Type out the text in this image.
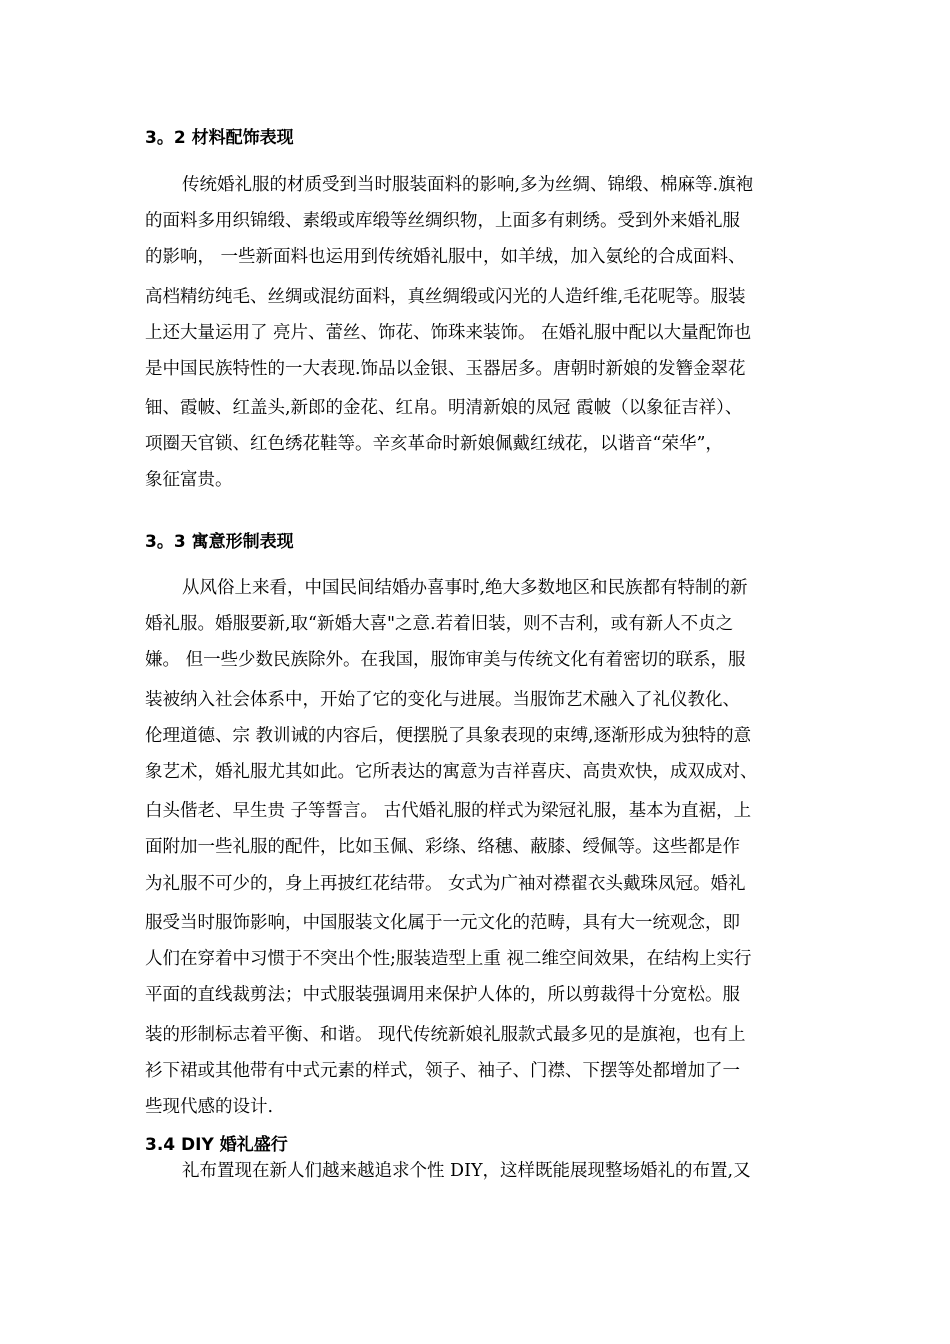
3。2 材料配饰表现
传统婚礼服的材质受到当时服装面料的影响,多为丝绸、锦缎、棉麻等.旗袍
的面料多用织锦缎、素缎或库缎等丝绸织物，上面多有刺绣。受到外来婚礼服
的影响， 一些新面料也运用到传统婚礼服中，如羊绒，加入氨纶的合成面料、
高档精纺纯毛、丝绸或混纺面料，真丝绸缎或闪光的人造纤维,毛花呢等。服装
上还大量运用了 亮片、蕾丝、饰花、饰珠来装饰。 在婚礼服中配以大量配饰也
是中国民族特性的一大表现.饰品以金银、玉器居多。唐朝时新娘的发簪金翠花
钿、霞帔、红盖头,新郎的金花、红帛。明清新娘的凤冠 霞帔（以象征吉祥）、
项圈天官锁、红色绣花鞋等。辛亥革命时新娘佩戴红绒花，以谐音“荣华”，
象征富贵。
3。3 寓意形制表现
从风俗上来看，中国民间结婚办喜事时,绝大多数地区和民族都有特制的新
婚礼服。婚服要新,取“新婚大喜"之意.若着旧装，则不吉利，或有新人不贞之
嫌。 但一些少数民族除外。在我国，服饰审美与传统文化有着密切的联系，服
装被纳入社会体系中，开始了它的变化与进展。当服饰艺术融入了礼仪教化、
伦理道德、宗 教训诫的内容后，便摆脱了具象表现的束缚,逐渐形成为独特的意
象艺术，婚礼服尤其如此。它所表达的寓意为吉祥喜庆、高贵欢快，成双成对、
白头偕老、早生贵 子等誓言。 古代婚礼服的样式为梁冠礼服，基本为直裾，上
面附加一些礼服的配件，比如玉佩、彩绦、络穗、蔽膝、绶佩等。这些都是作
为礼服不可少的，身上再披红花结带。 女式为广袖对襟翟衣头戴珠凤冠。婚礼
服受当时服饰影响，中国服装文化属于一元文化的范畴，具有大一统观念，即
人们在穿着中习惯于不突出个性;服装造型上重 视二维空间效果，在结构上实行
平面的直线裁剪法；中式服装强调用来保护人体的，所以剪裁得十分宽松。服
装的形制标志着平衡、和谐。 现代传统新娘礼服款式最多见的是旗袍，也有上
衫下裙或其他带有中式元素的样式，领子、袖子、门襟、下摆等处都增加了一
些现代感的设计.
3.4 DIY 婚礼盛行
礼布置现在新人们越来越追求个性 DIY，这样既能展现整场婚礼的布置,又
